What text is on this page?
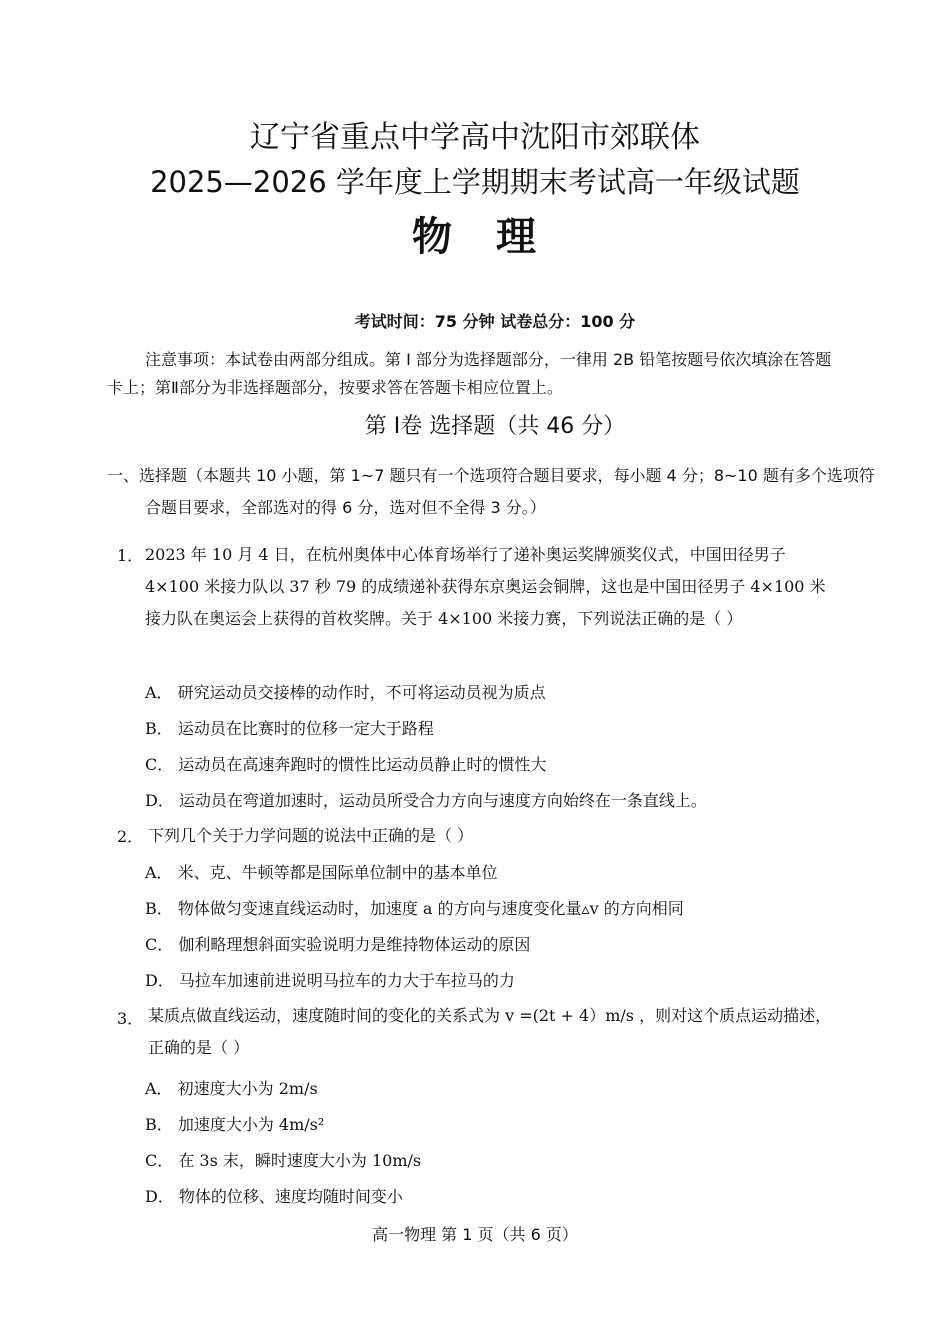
辽宁省重点中学高中沈阳市郊联体
2025—2026 学年度上学期期末考试高一年级试题
物　理
考试时间：75 分钟 试卷总分：100 分
注意事项：本试卷由两部分组成。第 Ⅰ 部分为选择题部分，一律用 2B 铅笔按题号依次填涂在答题卡上；第Ⅱ部分为非选择题部分，按要求答在答题卡相应位置上。
第 Ⅰ卷 选择题（共 46 分）
一、选择题（本题共 10 小题，第 1~7 题只有一个选项符合题目要求，每小题 4 分；8~10 题有多个选项符合题目要求，全部选对的得 6 分，选对但不全得 3 分。）
1． 2023 年 10 月 4 日，在杭州奥体中心体育场举行了递补奥运奖牌颁奖仪式，中国田径男子 4×100 米接力队以 37 秒 79 的成绩递补获得东京奥运会铜牌，这也是中国田径男子 4×100 米接力队在奥运会上获得的首枚奖牌。关于 4×100 米接力赛，下列说法正确的是（ ）
A． 研究运动员交接棒的动作时，不可将运动员视为质点
B． 运动员在比赛时的位移一定大于路程
C． 运动员在高速奔跑时的惯性比运动员静止时的惯性大
D． 运动员在弯道加速时，运动员所受合力方向与速度方向始终在一条直线上。
2． 下列几个关于力学问题的说法中正确的是（ ）
A． 米、克、牛顿等都是国际单位制中的基本单位
B． 物体做匀变速直线运动时，加速度 a 的方向与速度变化量▵v 的方向相同
C． 伽利略理想斜面实验说明力是维持物体运动的原因
D． 马拉车加速前进说明马拉车的力大于车拉马的力
3． 某质点做直线运动，速度随时间的变化的关系式为 v =(2t + 4）m/s ，则对这个质点运动描述，正确的是（ ）
A． 初速度大小为 2m/s
B． 加速度大小为 4m/s²
C． 在 3s 末，瞬时速度大小为 10m/s
D． 物体的位移、速度均随时间变小
高一物理 第 1 页（共 6 页）
